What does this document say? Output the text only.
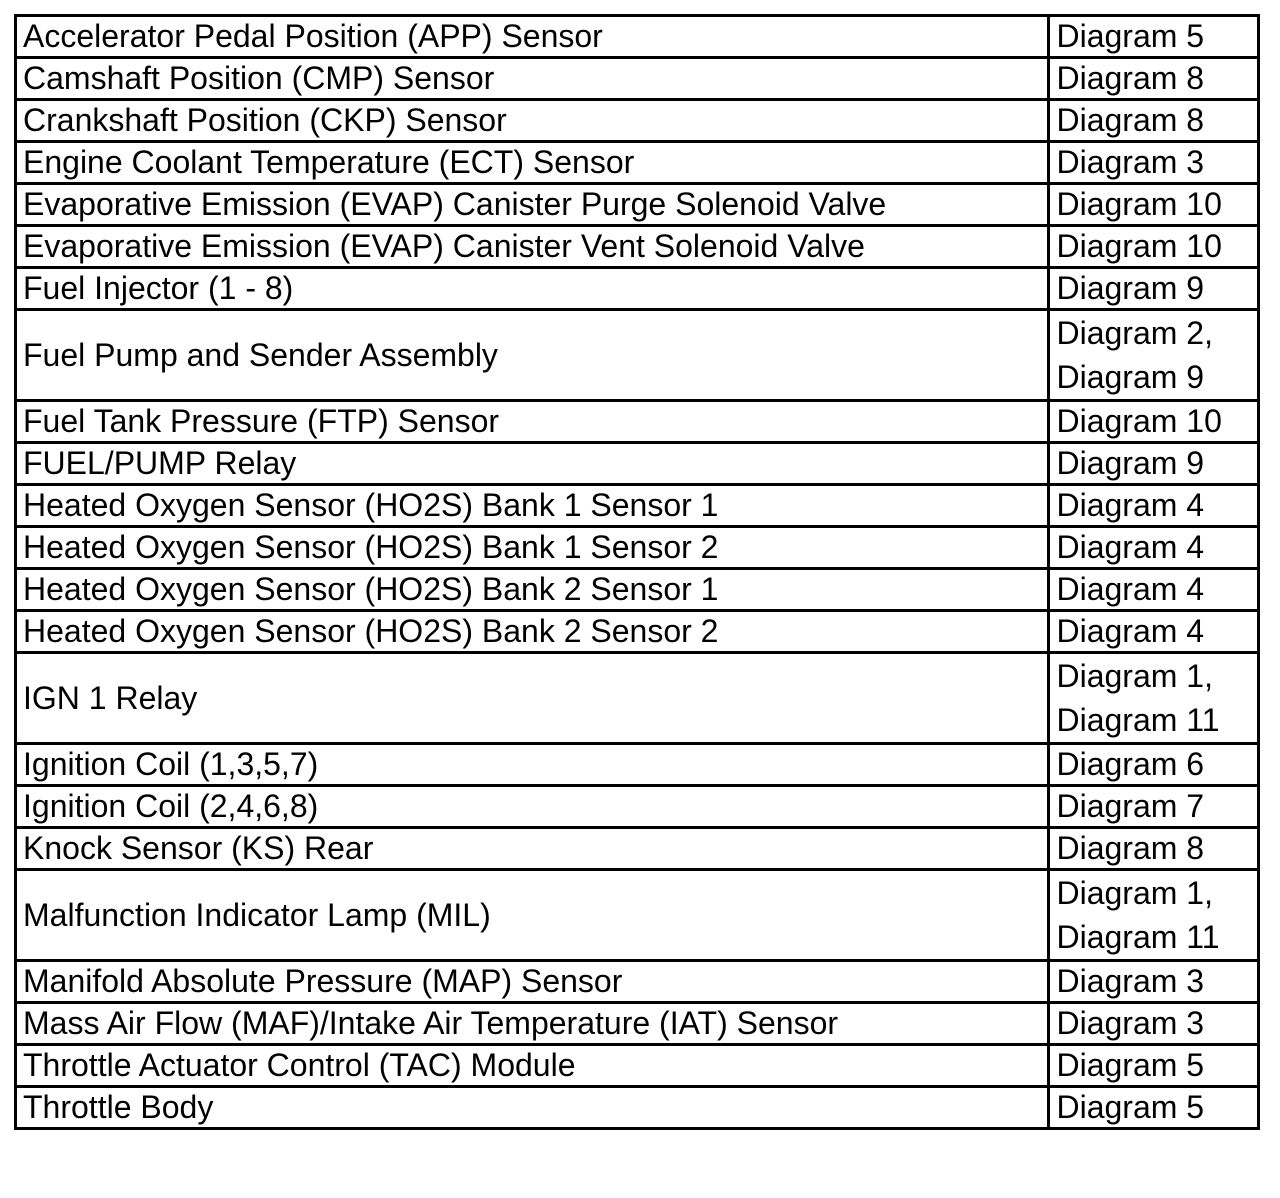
Accelerator Pedal Position (APP) Sensor	Diagram 5

Camshaft Position (CMP) Sensor	Diagram 8

Crankshaft Position (CKP) Sensor	Diagram 8

Engine Coolant Temperature (ECT) Sensor	Diagram 3

Evaporative Emission (EVAP) Canister Purge Solenoid Valve	Diagram 10

Evaporative Emission (EVAP) Canister Vent Solenoid Valve	Diagram 10

Fuel Injector (1 - 8)	Diagram 9

Fuel Pump and Sender Assembly	Diagram 2,
Diagram 9

Fuel Tank Pressure (FTP) Sensor	Diagram 10

FUEL/PUMP Relay	Diagram 9

Heated Oxygen Sensor (HO2S) Bank 1 Sensor 1	Diagram 4

Heated Oxygen Sensor (HO2S) Bank 1 Sensor 2	Diagram 4

Heated Oxygen Sensor (HO2S) Bank 2 Sensor 1	Diagram 4

Heated Oxygen Sensor (HO2S) Bank 2 Sensor 2	Diagram 4

IGN 1 Relay	Diagram 1,
Diagram 11

Ignition Coil (1,3,5,7)	Diagram 6

Ignition Coil (2,4,6,8)	Diagram 7

Knock Sensor (KS) Rear	Diagram 8

Malfunction Indicator Lamp (MIL)	Diagram 1,
Diagram 11

Manifold Absolute Pressure (MAP) Sensor	Diagram 3

Mass Air Flow (MAF)/Intake Air Temperature (IAT) Sensor	Diagram 3

Throttle Actuator Control (TAC) Module	Diagram 5

Throttle Body	Diagram 5
